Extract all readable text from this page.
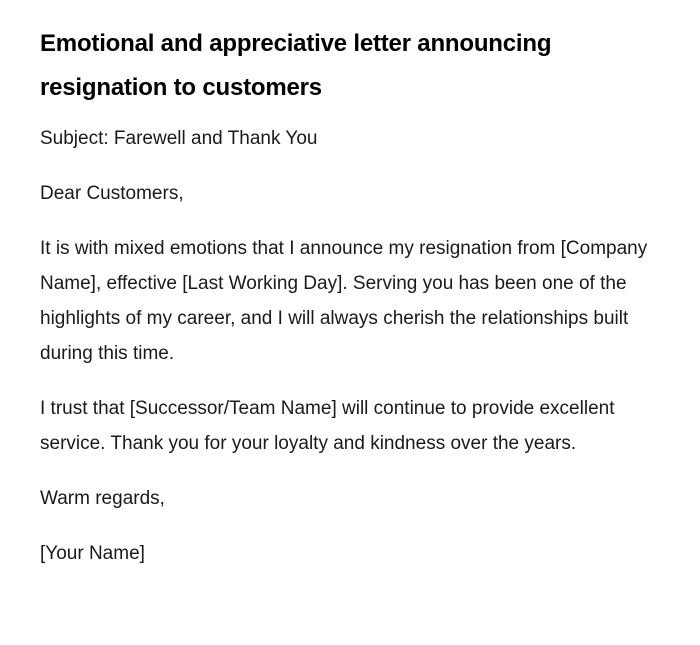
Emotional and appreciative letter announcing resignation to customers

Subject: Farewell and Thank You

Dear Customers,

It is with mixed emotions that I announce my resignation from [Company Name], effective [Last Working Day]. Serving you has been one of the highlights of my career, and I will always cherish the relationships built during this time.

I trust that [Successor/Team Name] will continue to provide excellent service. Thank you for your loyalty and kindness over the years.

Warm regards,

[Your Name]
